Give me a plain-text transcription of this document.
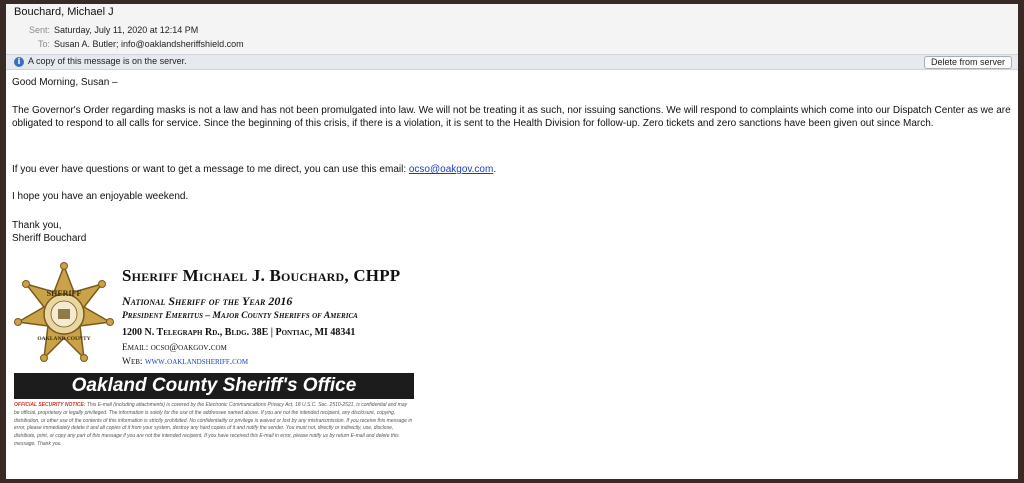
Bouchard, Michael J
Sent: Saturday, July 11, 2020 at 12:14 PM
To: Susan A. Butler; info@oaklandsheriffshield.com
i A copy of this message is on the server.	Delete from server
Good Morning, Susan –
The Governor's Order regarding masks is not a law and has not been promulgated into law. We will not be treating it as such, nor issuing sanctions. We will respond to complaints which come into our Dispatch Center as we are obligated to respond to all calls for service. Since the beginning of this crisis, if there is a violation, it is sent to the Health Division for follow-up. Zero tickets and zero sanctions have been given out since March.
If you ever have questions or want to get a message to me direct, you can use this email: ocso@oakgov.com.
I hope you have an enjoyable weekend.
Thank you,
Sheriff Bouchard
SHERIFF
OAKLAND COUNTY
Sheriff Michael J. Bouchard, CHPP
National Sheriff of the Year 2016
President Emeritus – Major County Sheriffs of America
1200 N. Telegraph Rd., Bldg. 38E | Pontiac, MI 48341
Email: ocso@oakgov.com
Web: www.oaklandsheriff.com
Oakland County Sheriff's Office
OFFICIAL SECURITY NOTICE: This E-mail (including attachments) is covered by the Electronic Communications Privacy Act, 18 U.S.C. Sec. 2510-2521, is confidential and may be official, proprietary or legally privileged. The information is solely for the use of the addressee named above. If you are not the intended recipient, any disclosure, copying, distribution, or other use of the contents of this information is strictly prohibited. No confidentiality or privilege is waived or lost by any mistransmission. If you receive this message in error, please immediately delete it and all copies of it from your system, destroy any hard copies of it and notify the sender. You must not, directly or indirectly, use, disclose, distribute, print, or copy any part of this message if you are not the intended recipient. If you have received this E-mail in error, please notify us by return E-mail and delete this message. Thank you.
